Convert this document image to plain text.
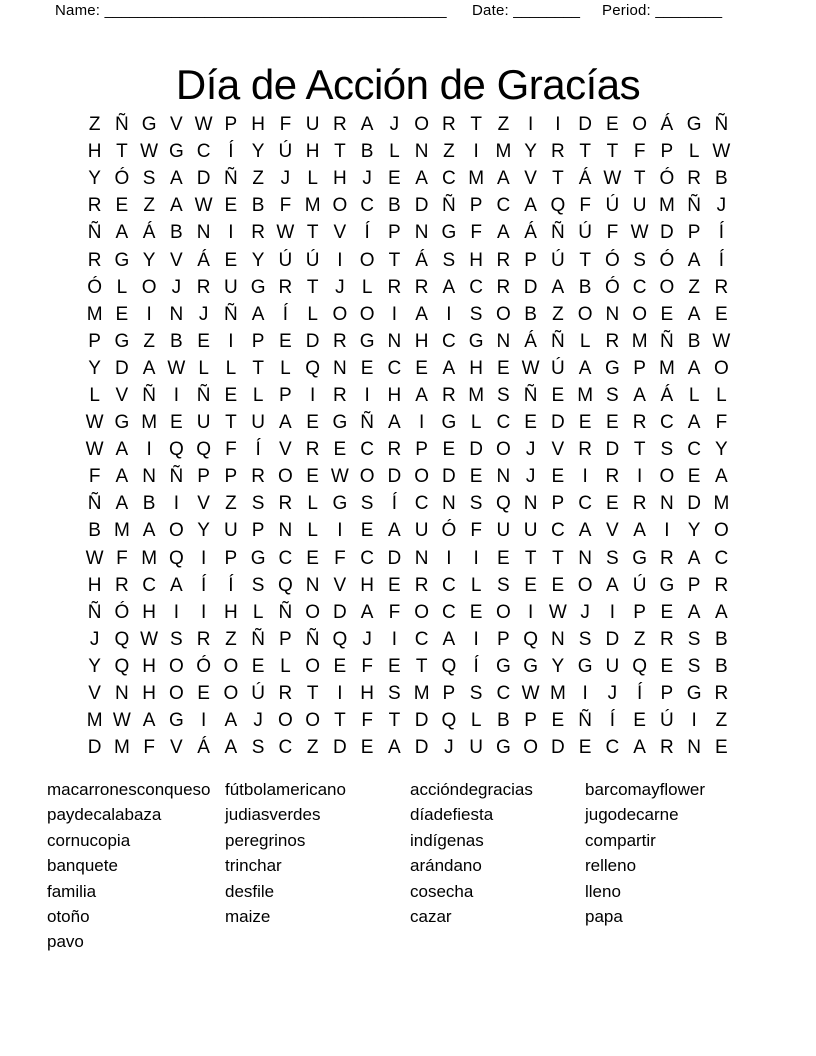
Name: _________________________________________ Date: ________ Period: ________
Día de Acción de Gracías
Z Ñ G V W P H F U R A J O R T Z I	I D E O Á G Ñ
H T W G C Í Y Ú H T B L N Z I M Y R T T F P L W
Y Ó S A D Ñ Z J L H J E A C M A V T Á W T Ó R B
R E Z A W E B F M O C B D Ñ P C A Q F Ú U M Ñ J
Ñ A Á B N I R W T V Í P N G F A Á Ñ Ú F W D P Í
R G Y V Á E Y Ú Ú I O T Á S H R P Ú T Ó S Ó A Í
Ó L O J R U G R T J L R R A C R D A B Ó C O Z R
M E I N J Ñ A Í	L O O I A I S O B Z O N O E A E
P G Z B E I P E D R G N H C G N Á Ñ L R M Ñ B W
Y D A W L L T L Q N E C E A H E W Ú A G P M A O
L V Ñ I Ñ E L P I R I H A R M S Ñ E M S A Á L L
W G M E U T U A E G Ñ A I G L C E D E E R C A F
W A I Q Q F Í V R E C R P E D O J V R D T S C Y
F A N Ñ P P R O E W O D O D E N J E I R I O E A
Ñ A B I V Z S R L G S Í C N S Q N P C E R N D M
B M A O Y U P N L	I E A U Ó F U U C A V A I Y O
W F M Q I P G C E F C D N I	I E T T N S G R A C
H R C A Í	Í S Q N V H E R C L S E E O A Ú G P R
Ñ Ó H I	I H L Ñ O D A F O C E O I W J	I P E A A
J Q W S R Z Ñ P Ñ Q J	I C A I P Q N S D Z R S B
Y Q H O Ó O E L O E F E T Q Í G G Y G U Q E S B
V N H O E O Ú R T I H S M P S C W M I	J	Í P G R
M W A G I A J O O T F T D Q L B P E Ñ Í E Ú I Z
D M F V Á A S C Z D E A D J U G O D E C A R N E
macarronesconqueso
paydecalabaza
cornucopia
banquete
familia
otoño
pavo
fútbolamericano
judiasverdes
peregrinos
trinchar
desfile
maize
accióndegracias
díadefiesta
indígenas
arándano
cosecha
cazar
barcomayflower
jugodecarne
compartir
relleno
lleno
papa
